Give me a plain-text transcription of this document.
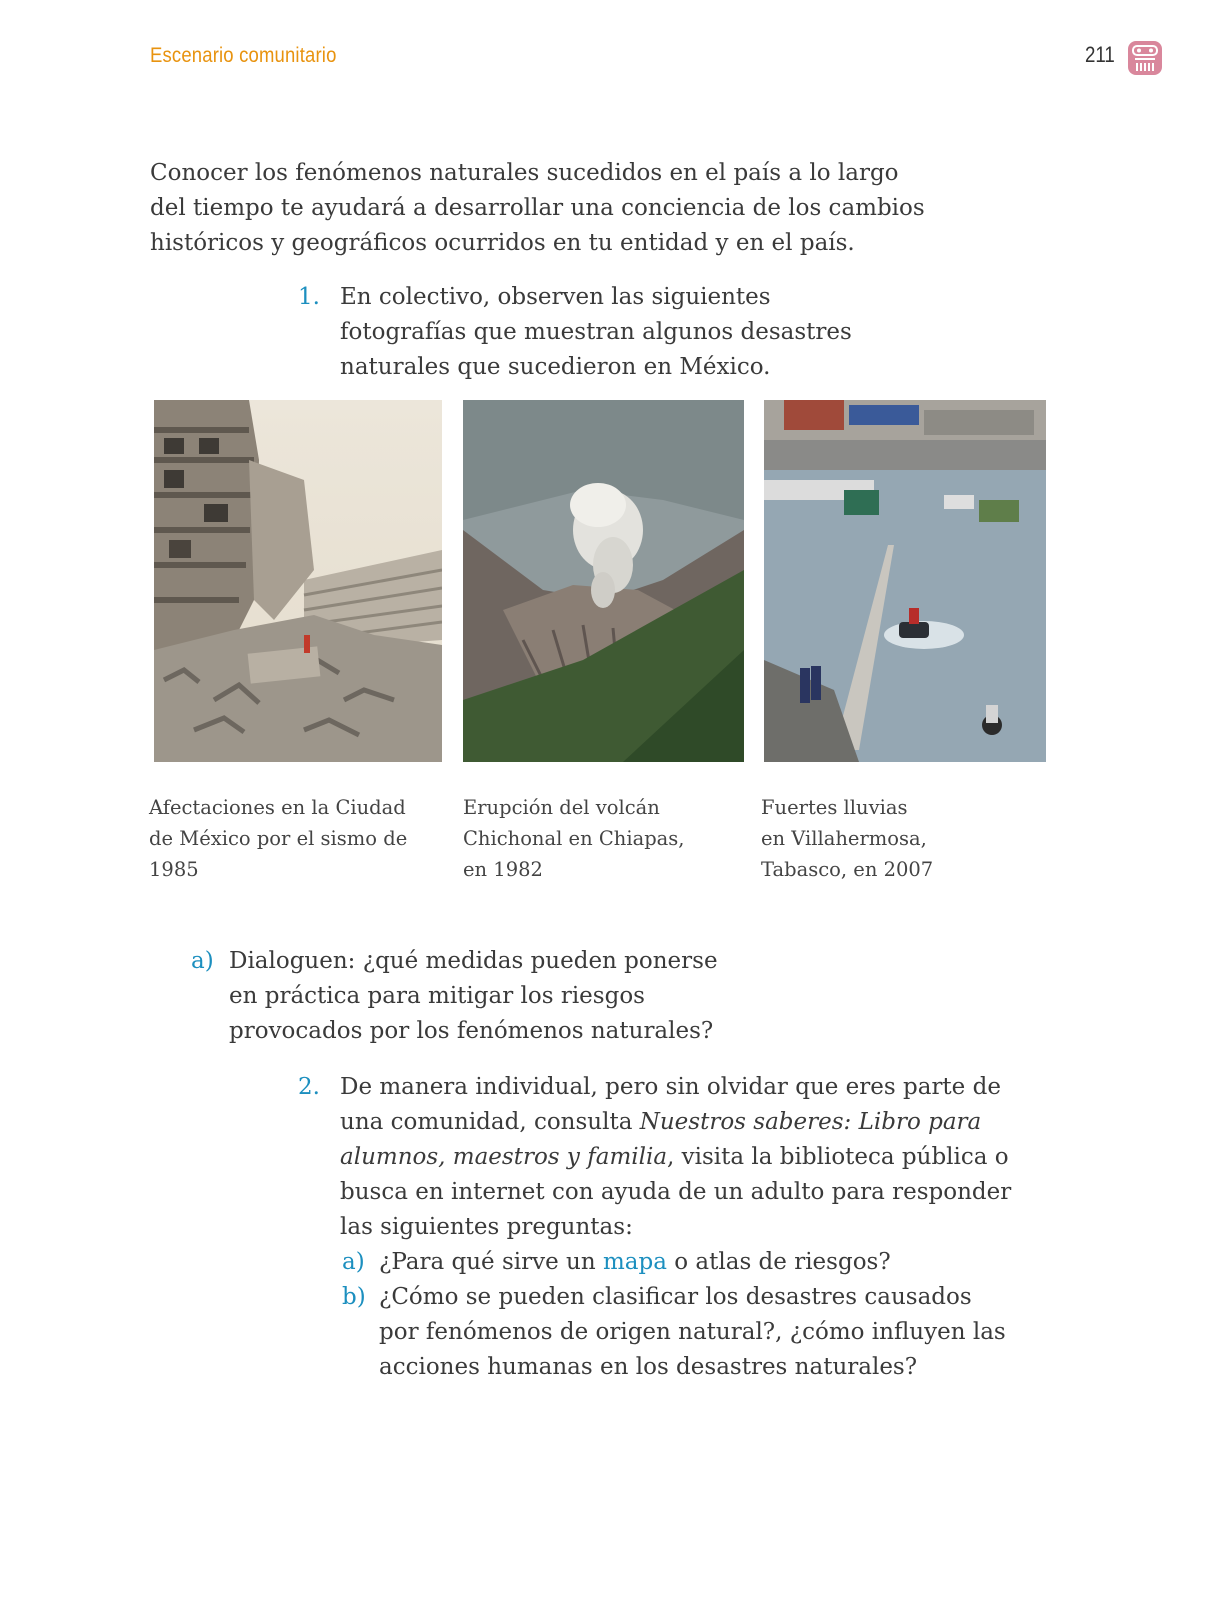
Escenario comunitario	211
Conocer los fenómenos naturales sucedidos en el país a lo largo
del tiempo te ayudará a desarrollar una conciencia de los cambios
históricos y geográficos ocurridos en tu entidad y en el país.
1. En colectivo, observen las siguientes
fotografías que muestran algunos desastres
naturales que sucedieron en México.
Afectaciones en la Ciudad
de México por el sismo de
1985
Erupción del volcán
Chichonal en Chiapas,
en 1982
Fuertes lluvias
en Villahermosa,
Tabasco, en 2007
a) Dialoguen: ¿qué medidas pueden ponerse
en práctica para mitigar los riesgos
provocados por los fenómenos naturales?
2. De manera individual, pero sin olvidar que eres parte de
una comunidad, consulta Nuestros saberes: Libro para
alumnos, maestros y familia, visita la biblioteca pública o
busca en internet con ayuda de un adulto para responder
las siguientes preguntas:
a) ¿Para qué sirve un mapa o atlas de riesgos?
b) ¿Cómo se pueden clasificar los desastres causados
por fenómenos de origen natural?, ¿cómo influyen las
acciones humanas en los desastres naturales?
